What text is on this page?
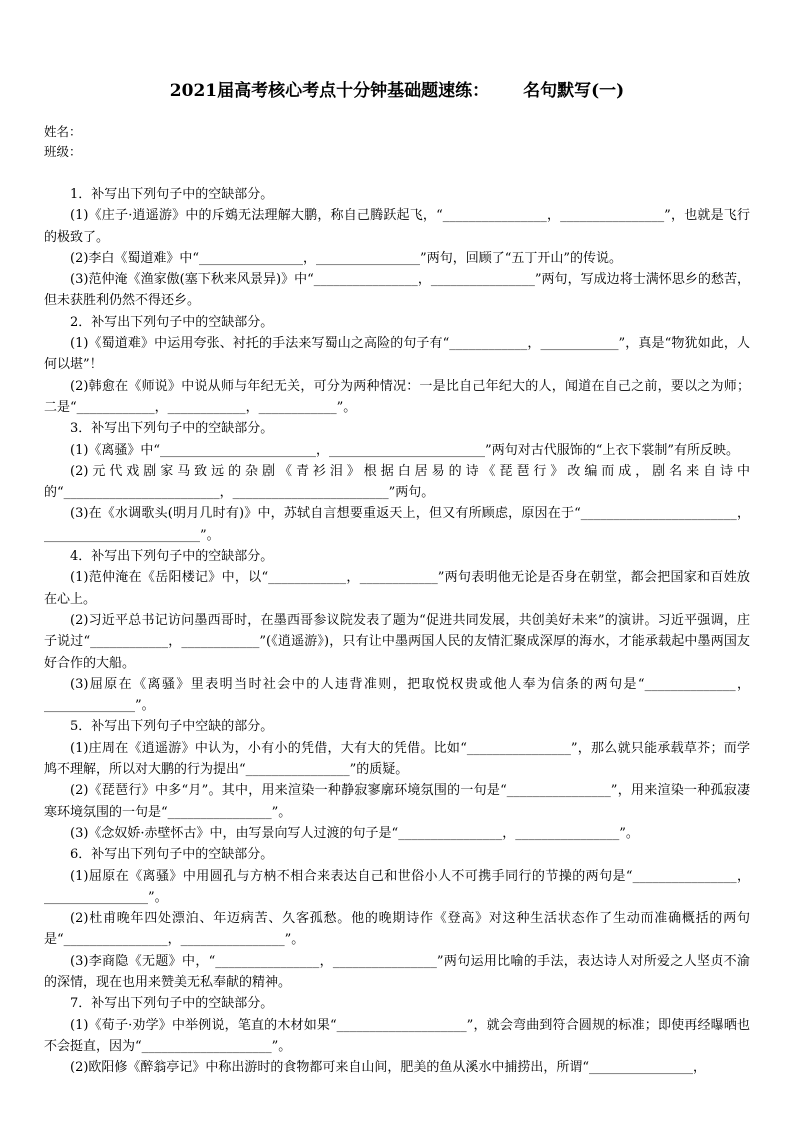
2021届高考核心考点十分钟基础题速练： 名句默写(一)
姓名：
班级：

1．补写出下列句子中的空缺部分。

(1)《庄子·逍遥游》中的斥鴳无法理解大鹏，称自己腾跃起飞，“________________，________________”，也就是飞行的极致了。

(2)李白《蜀道难》中“________________，________________”两句，回顾了“五丁开山”的传说。

(3)范仲淹《渔家傲(塞下秋来风景异)》中“________________，________________”两句，写成边将士满怀思乡的愁苦，但未获胜利仍然不得还乡。

2．补写出下列句子中的空缺部分。

(1)《蜀道难》中运用夸张、衬托的手法来写蜀山之高险的句子有“____________，____________”，真是“物犹如此，人何以堪”！

(2)韩愈在《师说》中说从师与年纪无关，可分为两种情况：一是比自己年纪大的人，闻道在自己之前，要以之为师；二是“____________，____________，____________”。

3．补写出下列句子中的空缺部分。

(1)《离骚》中“________________________，________________________”两句对古代服饰的“上衣下裳制”有所反映。

(2)元代戏剧家马致远的杂剧《青衫泪》根据白居易的诗《琵琶行》改编而成，剧名来自诗中的“________________________，________________________”两句。

(3)在《水调歌头(明月几时有)》中，苏轼自言想要重返天上，但又有所顾虑，原因在于“________________________，________________________”。

4．补写出下列句子中的空缺部分。

(1)范仲淹在《岳阳楼记》中，以“____________，____________”两句表明他无论是否身在朝堂，都会把国家和百姓放在心上。

(2)习近平总书记访问墨西哥时，在墨西哥参议院发表了题为“促进共同发展，共创美好未来”的演讲。习近平强调，庄子说过“____________，____________”(《逍遥游》)，只有让中墨两国人民的友情汇聚成深厚的海水，才能承载起中墨两国友好合作的大船。

(3)屈原在《离骚》里表明当时社会中的人违背准则，把取悦权贵或他人奉为信条的两句是“______________，______________”。

5．补写出下列句子中空缺的部分。

(1)庄周在《逍遥游》中认为，小有小的凭借，大有大的凭借。比如“________________”，那么就只能承载草芥；而学鸠不理解，所以对大鹏的行为提出“________________”的质疑。

(2)《琵琶行》中多“月”。其中，用来渲染一种静寂寥廓环境氛围的一句是“________________”，用来渲染一种孤寂凄寒环境氛围的一句是“________________”。

(3)《念奴娇·赤壁怀古》中，由写景向写人过渡的句子是“________________，________________”。

6．补写出下列句子中的空缺部分。

(1)屈原在《离骚》中用圆孔与方枘不相合来表达自己和世俗小人不可携手同行的节操的两句是“________________，________________”。

(2)杜甫晚年四处漂泊、年迈病苦、久客孤愁。他的晚期诗作《登高》对这种生活状态作了生动而准确概括的两句是“________________，________________”。

(3)李商隐《无题》中，“________________，________________”两句运用比喻的手法，表达诗人对所爱之人坚贞不渝的深情，现在也用来赞美无私奉献的精神。

7．补写出下列句子中的空缺部分。

(1)《荀子·劝学》中举例说，笔直的木材如果“____________________”，就会弯曲到符合圆规的标准；即使再经曝晒也不会挺直，因为“____________________”。

(2)欧阳修《醉翁亭记》中称出游时的食物都可来自山间，肥美的鱼从溪水中捕捞出，所谓“________________，
